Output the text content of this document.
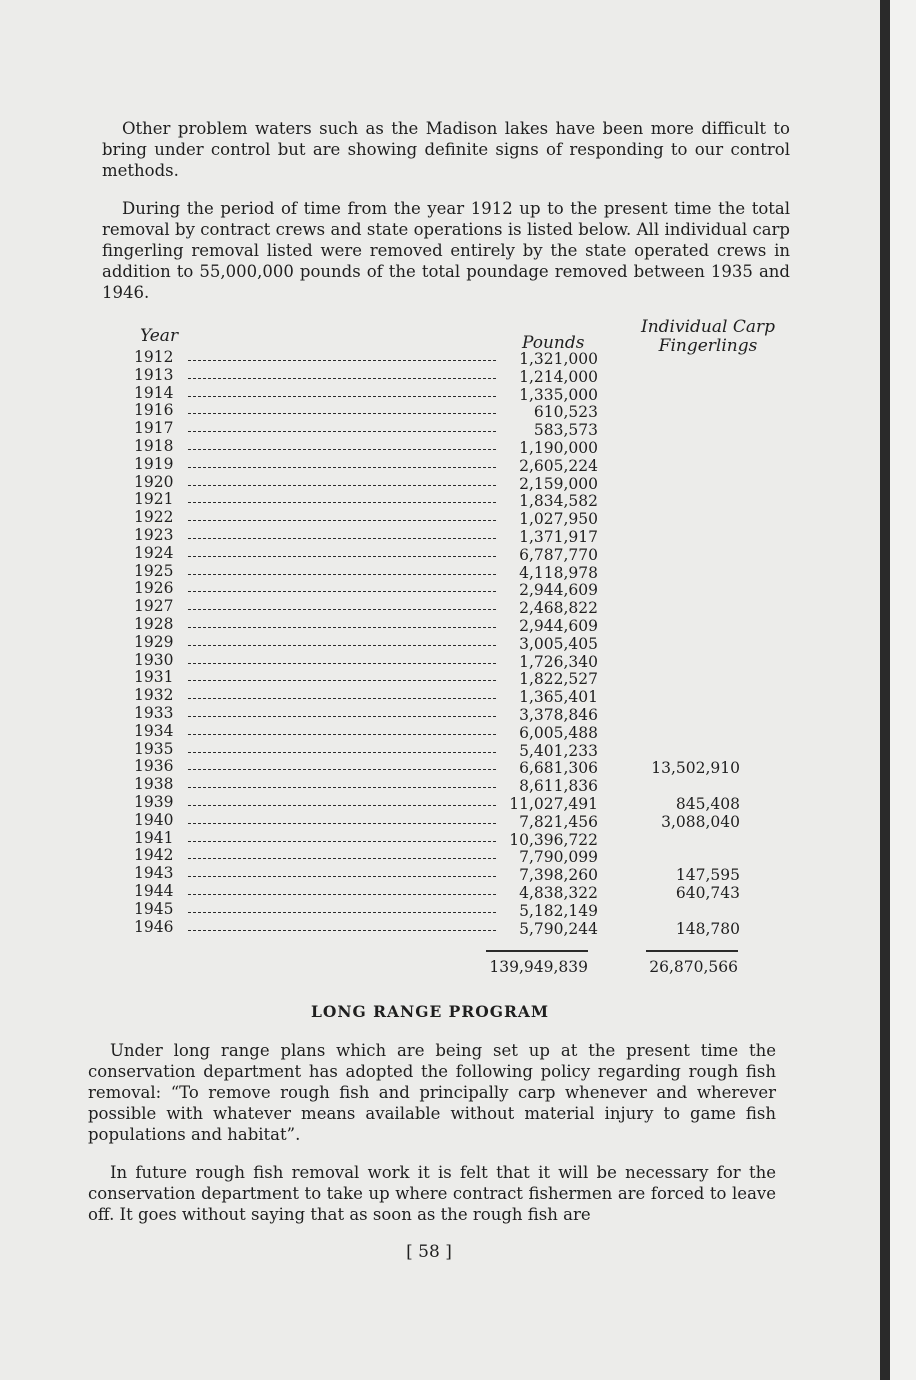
Other problem waters such as the Madison lakes have been more difficult to bring under control but are showing definite signs of responding to our control methods.

During the period of time from the year 1912 up to the present time the total removal by contract crews and state operations is listed below. All individual carp fingerling removal listed were removed entirely by the state operated crews in addition to 55,000,000 pounds of the total poundage removed between 1935 and 1946.

Year	Pounds
Individual Carp Fingerlings
1912	1,321,000
1913	1,214,000
1914	1,335,000
1916	610,523
1917	583,573
1918	1,190,000
1919	2,605,224
1920	2,159,000
1921	1,834,582
1922	1,027,950
1923	1,371,917
1924	6,787,770
1925	4,118,978
1926	2,944,609
1927	2,468,822
1928	2,944,609
1929	3,005,405
1930	1,726,340
1931	1,822,527
1932	1,365,401
1933	3,378,846
1934	6,005,488
1935	5,401,233
1936	6,681,306	13,502,910
1938	8,611,836
1939	11,027,491	845,408
1940	7,821,456	3,088,040
1941	10,396,722
1942	7,790,099
1943	7,398,260	147,595
1944	4,838,322	640,743
1945	5,182,149
1946	5,790,244	148,780
139,949,839	26,870,566
LONG RANGE PROGRAM

Under long range plans which are being set up at the present time the conservation department has adopted the following policy regarding rough fish removal: “To remove rough fish and principally carp whenever and wherever possible with whatever means available without material injury to game fish populations and habitat”.

In future rough fish removal work it is felt that it will be necessary for the conservation department to take up where contract fishermen are forced to leave off. It goes without saying that as soon as the rough fish are

[ 58 ]
